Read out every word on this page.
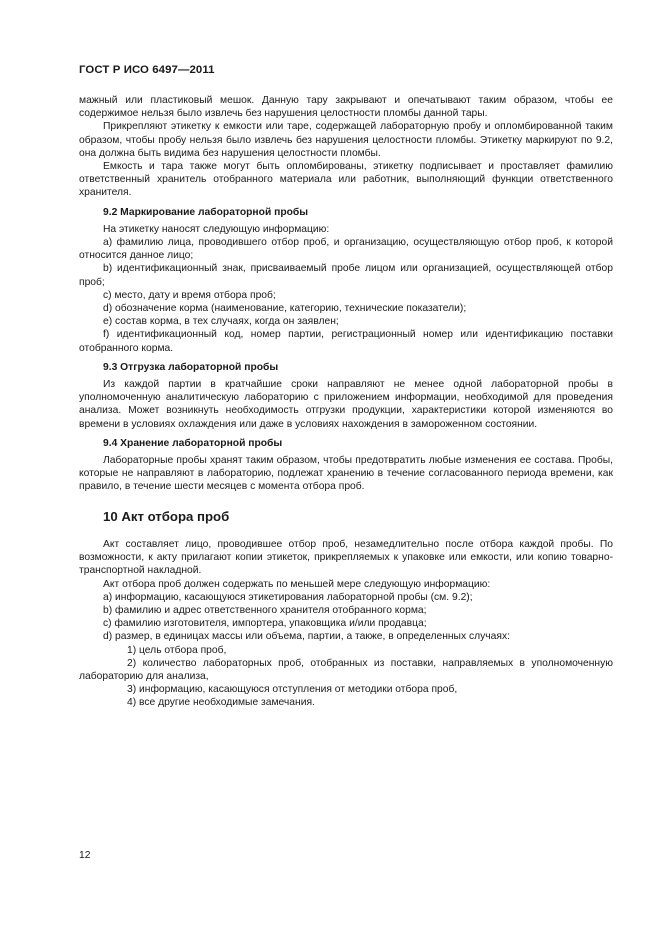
ГОСТ Р ИСО 6497—2011

мажный или пластиковый мешок. Данную тару закрывают и опечатывают таким образом, чтобы ее содержимое нельзя было извлечь без нарушения целостности пломбы данной тары.

Прикрепляют этикетку к емкости или таре, содержащей лабораторную пробу и опломбированной таким образом, чтобы пробу нельзя было извлечь без нарушения целостности пломбы. Этикетку маркируют по 9.2, она должна быть видима без нарушения целостности пломбы.

Емкость и тара также могут быть опломбированы, этикетку подписывает и проставляет фамилию ответственный хранитель отобранного материала или работник, выполняющий функции ответственного хранителя.

9.2 Маркирование лабораторной пробы

На этикетку наносят следующую информацию:

a) фамилию лица, проводившего отбор проб, и организацию, осуществляющую отбор проб, к которой относится данное лицо;

b) идентификационный знак, присваиваемый пробе лицом или организацией, осуществляющей отбор проб;

c) место, дату и время отбора проб;

d) обозначение корма (наименование, категорию, технические показатели);

e) состав корма, в тех случаях, когда он заявлен;

f) идентификационный код, номер партии, регистрационный номер или идентификацию поставки отобранного корма.

9.3 Отгрузка лабораторной пробы

Из каждой партии в кратчайшие сроки направляют не менее одной лабораторной пробы в уполномоченную аналитическую лабораторию с приложением информации, необходимой для проведения анализа. Может возникнуть необходимость отгрузки продукции, характеристики которой изменяются во времени в условиях охлаждения или даже в условиях нахождения в замороженном состоянии.

9.4 Хранение лабораторной пробы

Лабораторные пробы хранят таким образом, чтобы предотвратить любые изменения ее состава. Пробы, которые не направляют в лабораторию, подлежат хранению в течение согласованного периода времени, как правило, в течение шести месяцев с момента отбора проб.

10 Акт отбора проб

Акт составляет лицо, проводившее отбор проб, незамедлительно после отбора каждой пробы. По возможности, к акту прилагают копии этикеток, прикрепляемых к упаковке или емкости, или копию товарно-транспортной накладной.

Акт отбора проб должен содержать по меньшей мере следующую информацию:

a) информацию, касающуюся этикетирования лабораторной пробы (см. 9.2);

b) фамилию и адрес ответственного хранителя отобранного корма;

c) фамилию изготовителя, импортера, упаковщика и/или продавца;

d) размер, в единицах массы или объема, партии, а также, в определенных случаях:

1) цель отбора проб,

2) количество лабораторных проб, отобранных из поставки, направляемых в уполномоченную лабораторию для анализа,

3) информацию, касающуюся отступления от методики отбора проб,

4) все другие необходимые замечания.

12
